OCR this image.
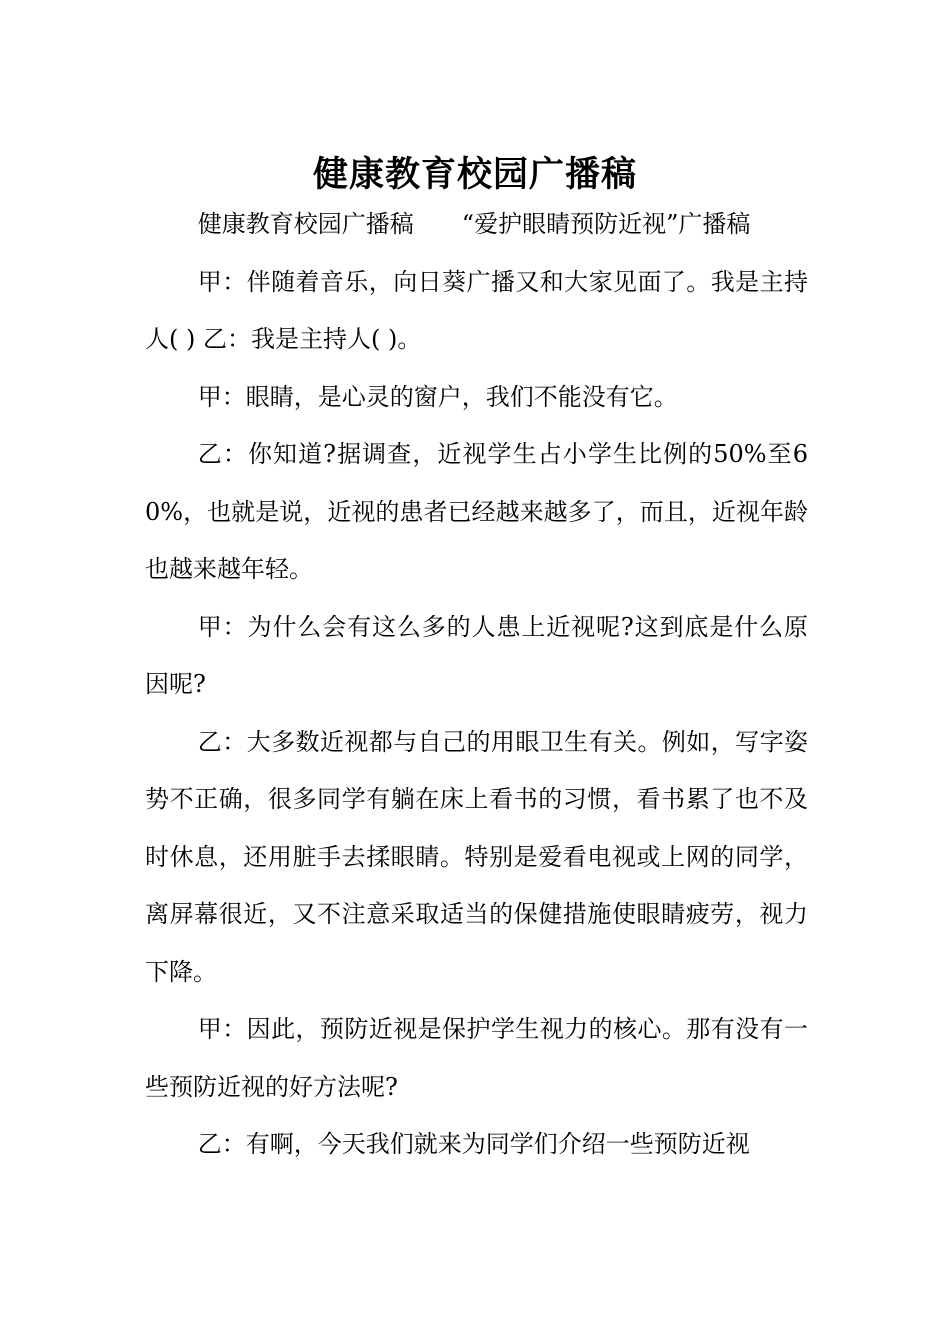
健康教育校园广播稿

健康教育校园广播稿　　“爱护眼睛预防近视”广播稿

甲：伴随着音乐，向日葵广播又和大家见面了。我是主持人( ) 乙：我是主持人( )。

甲：眼睛，是心灵的窗户，我们不能没有它。

乙：你知道?据调查，近视学生占小学生比例的50%至60%，也就是说，近视的患者已经越来越多了，而且，近视年龄也越来越年轻。

甲：为什么会有这么多的人患上近视呢?这到底是什么原因呢?

乙：大多数近视都与自己的用眼卫生有关。例如，写字姿势不正确，很多同学有躺在床上看书的习惯，看书累了也不及时休息，还用脏手去揉眼睛。特别是爱看电视或上网的同学，离屏幕很近，又不注意采取适当的保健措施使眼睛疲劳，视力下降。

甲：因此，预防近视是保护学生视力的核心。那有没有一些预防近视的好方法呢?

乙：有啊，今天我们就来为同学们介绍一些预防近视
